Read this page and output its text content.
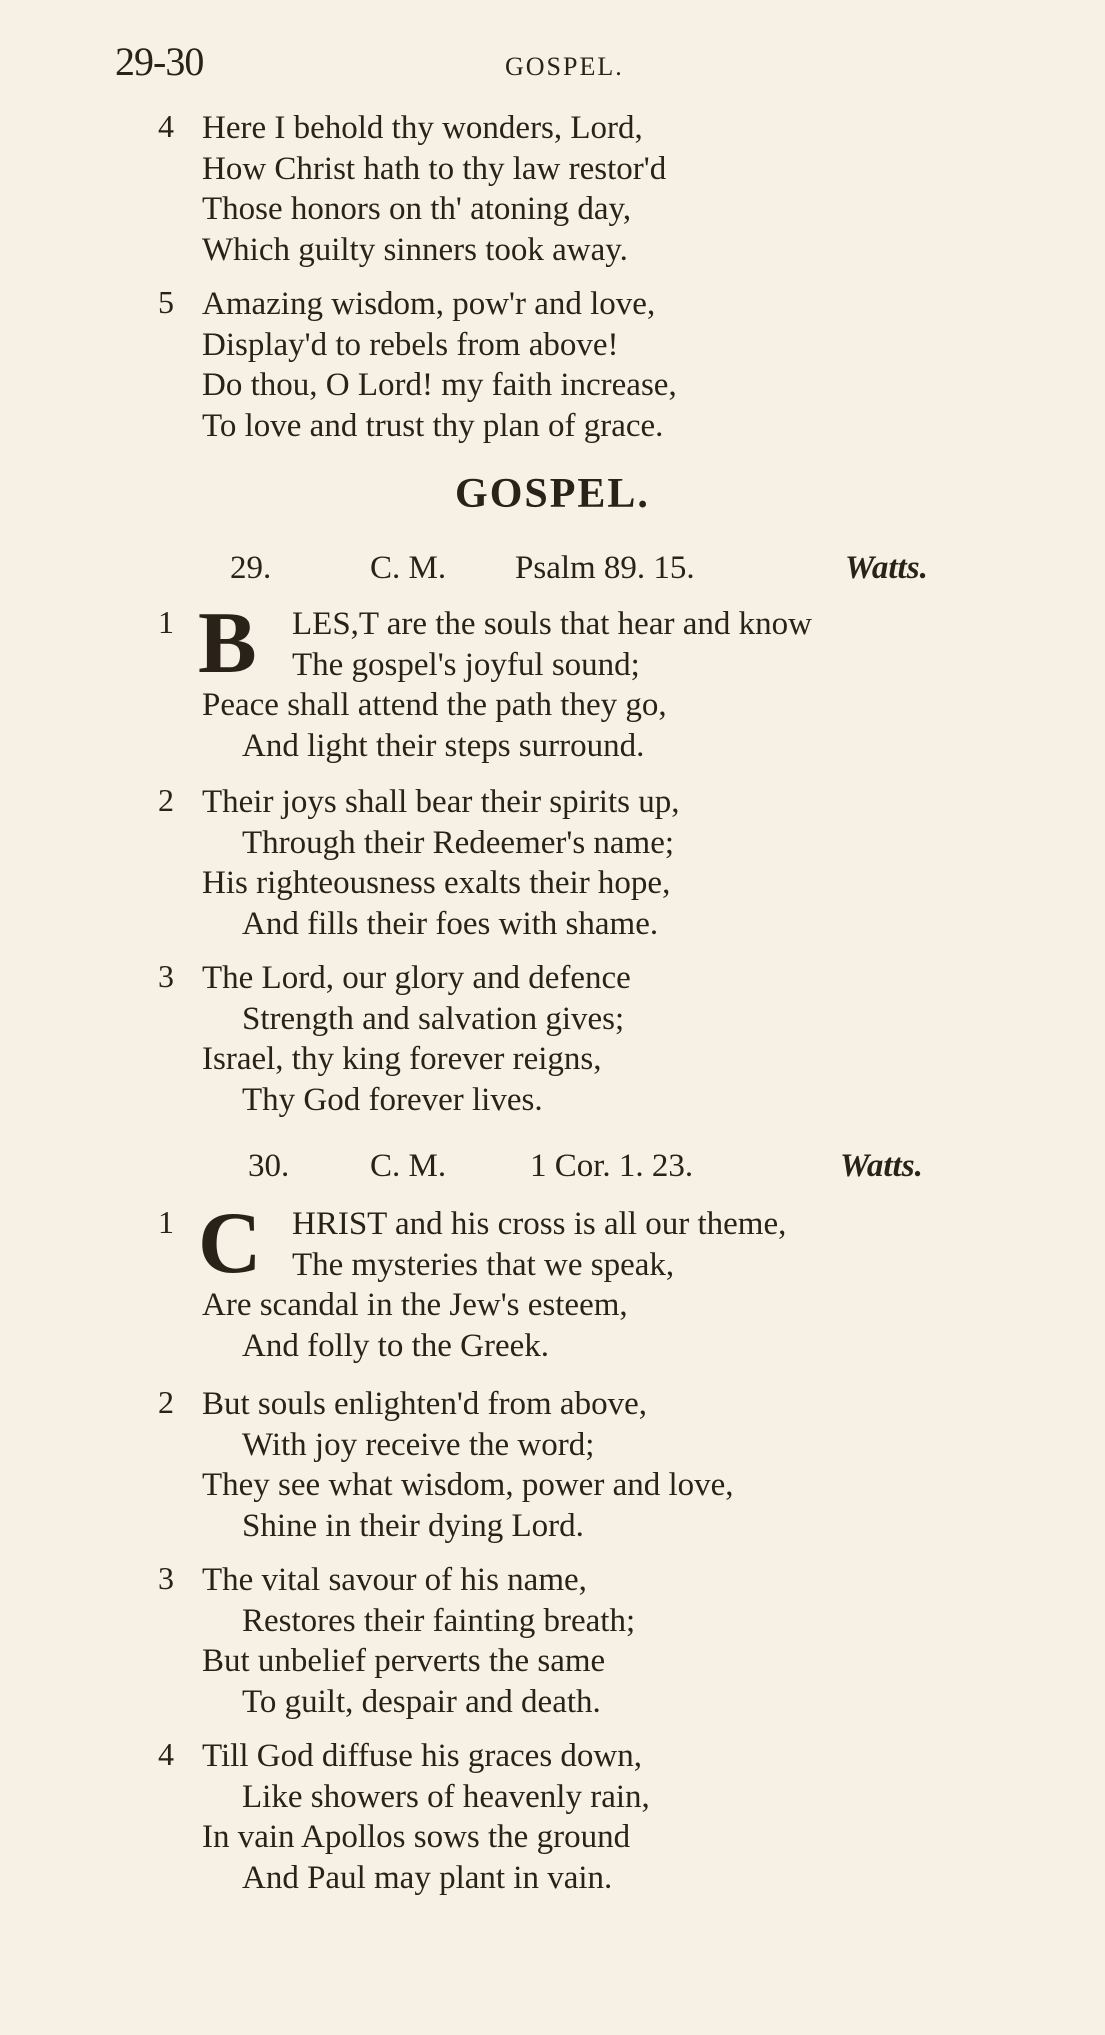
29-30	GOSPEL.
4 Here I behold thy wonders, Lord,
How Christ hath to thy law restor'd
Those honors on th' atoning day,
Which guilty sinners took away.
5 Amazing wisdom, pow'r and love,
Display'd to rebels from above!
Do thou, O Lord! my faith increase,
To love and trust thy plan of grace.
GOSPEL.
29.	C. M. Psalm 89. 15.	Watts.
1 B	LES,T are the souls that hear and know
The gospel's joyful sound;
Peace shall attend the path they go,
And light their steps surround.
2 Their joys shall bear their spirits up,
Through their Redeemer's name;
His righteousness exalts their hope,
And fills their foes with shame.
3 The Lord, our glory and defence
Strength and salvation gives;
Israel, thy king forever reigns,
Thy God forever lives.
30. C. M.	1 Cor. 1. 23.	Watts.
1 C HRIST and his cross is all our theme,
The mysteries that we speak,
Are scandal in the Jew's esteem,
And folly to the Greek.
2 But souls enlighten'd from above,
With joy receive the word;
They see what wisdom, power and love,
Shine in their dying Lord.
3 The vital savour of his name,
Restores their fainting breath;
But unbelief perverts the same
To guilt, despair and death.
4 Till God diffuse his graces down,
Like showers of heavenly rain,
In vain Apollos sows the ground
And Paul may plant in vain.
